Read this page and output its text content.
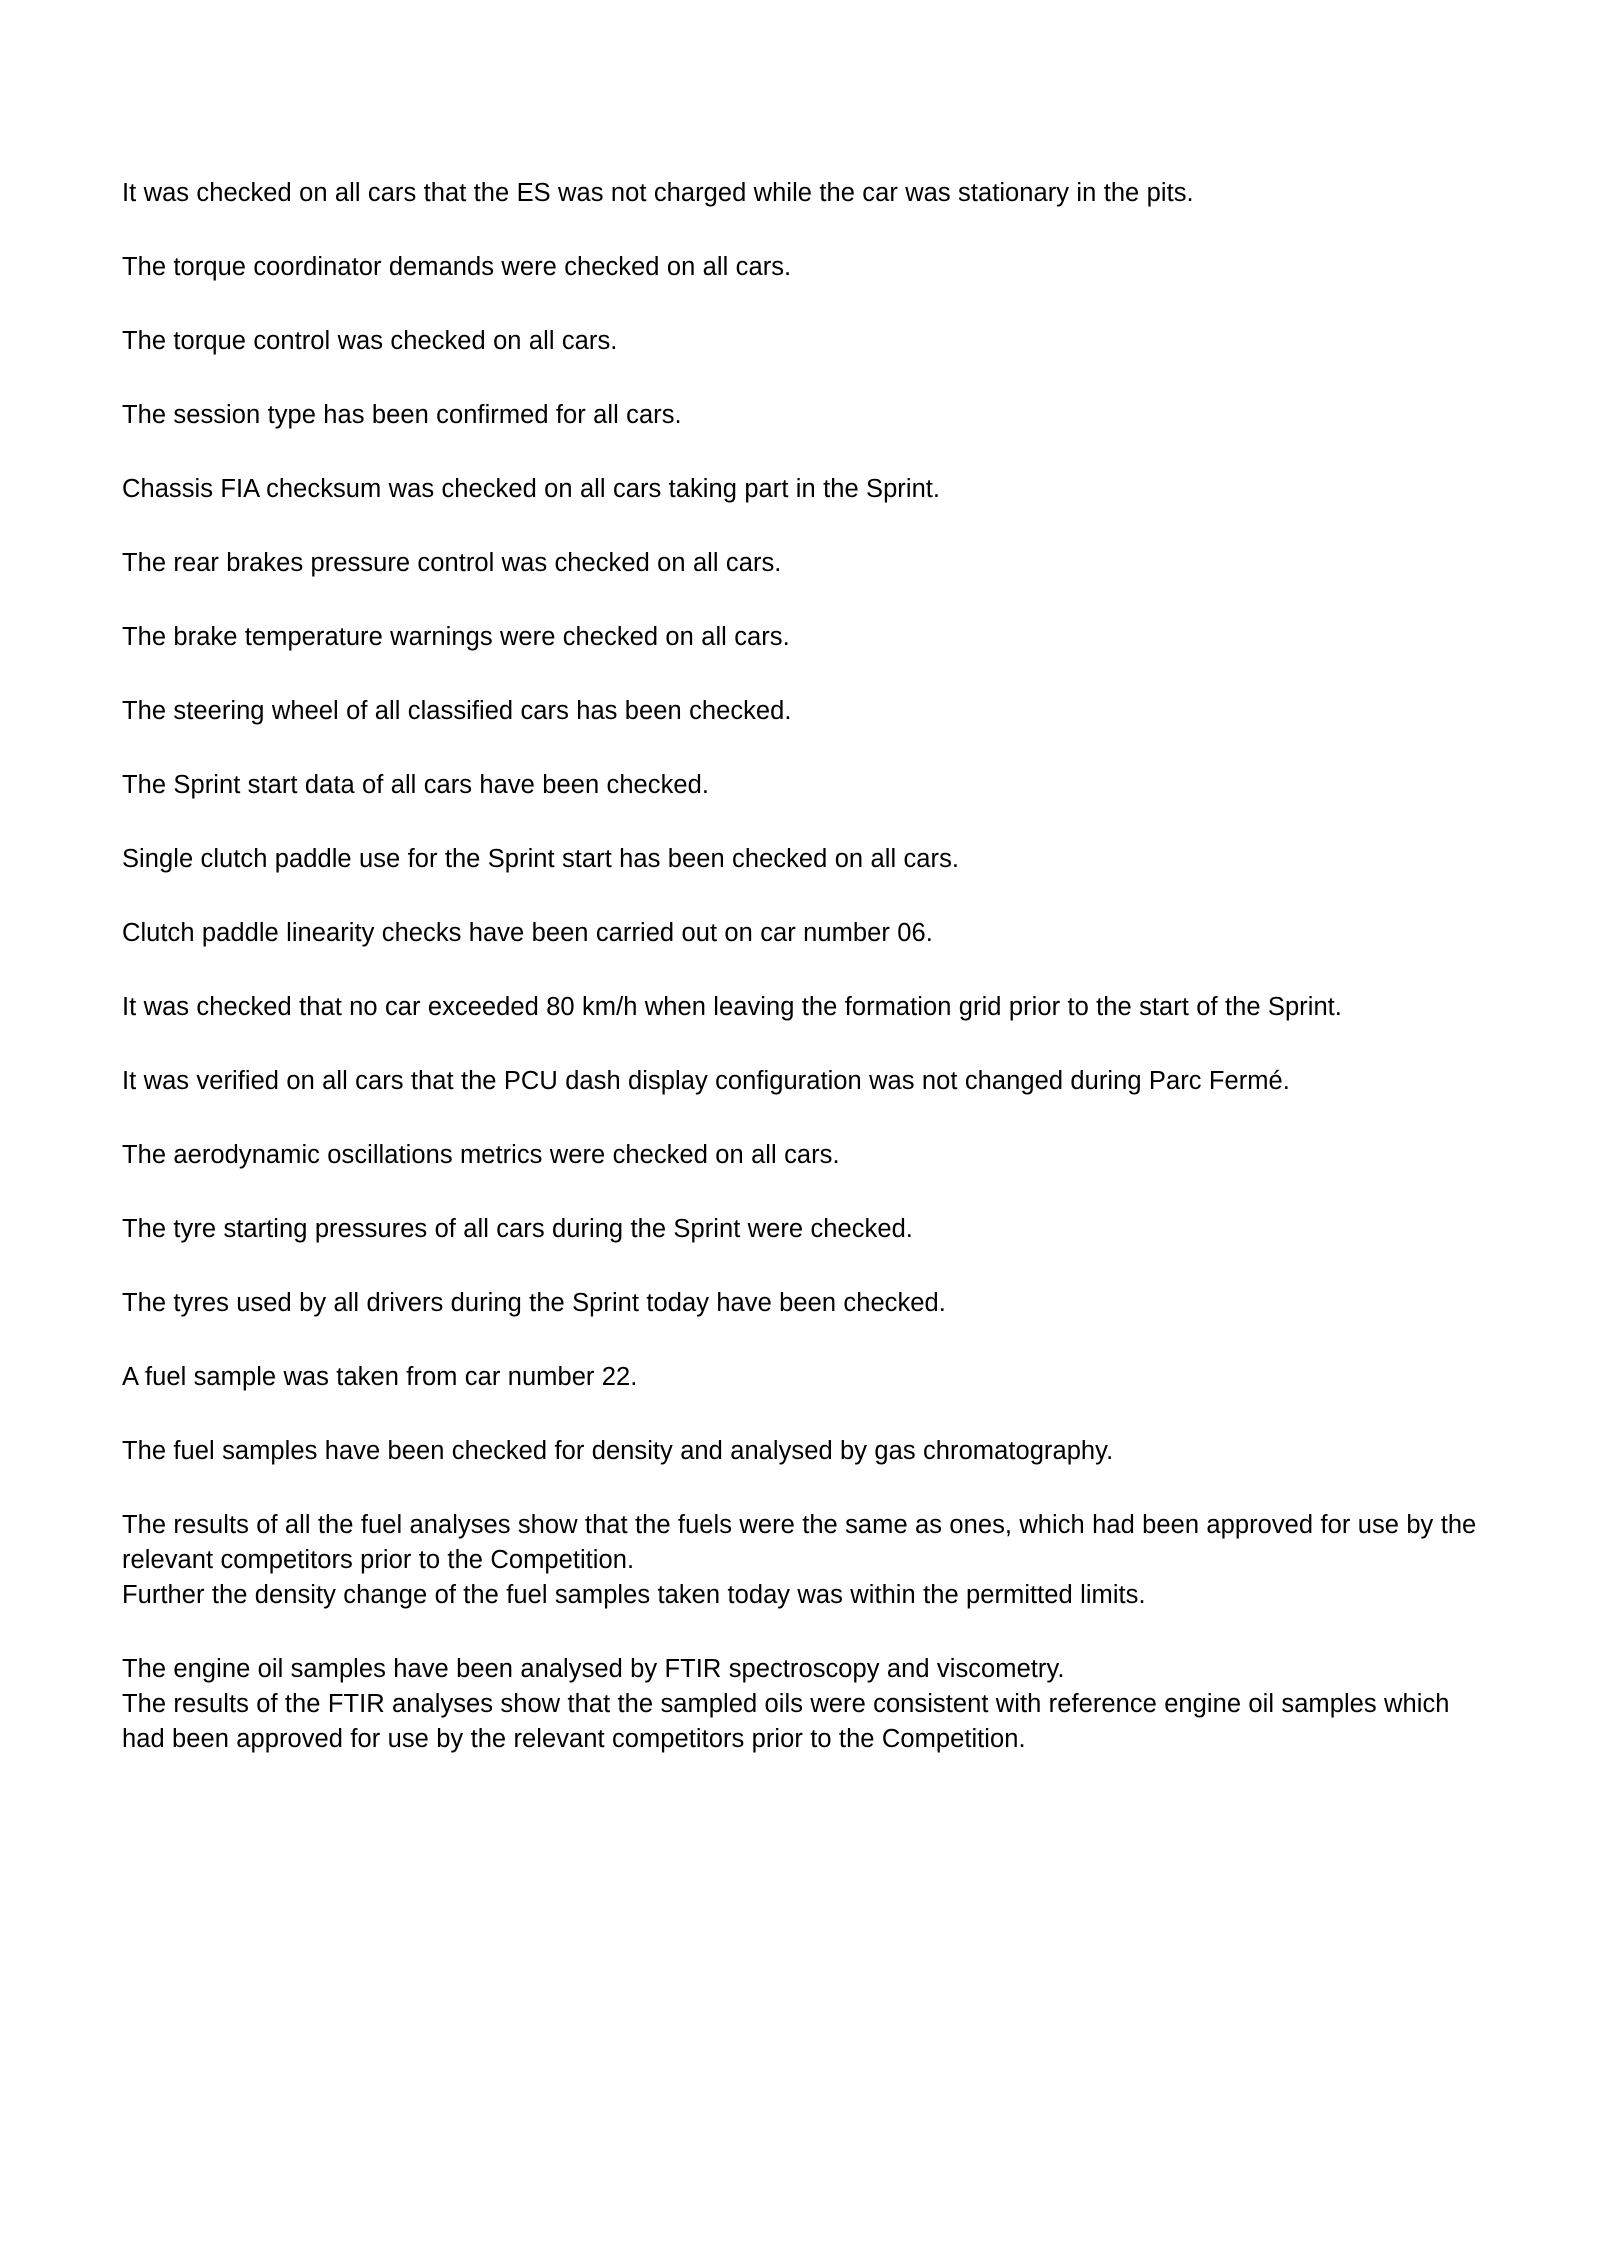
It was checked on all cars that the ES was not charged while the car was stationary in the pits.

The torque coordinator demands were checked on all cars.

The torque control was checked on all cars.

The session type has been confirmed for all cars.

Chassis FIA checksum was checked on all cars taking part in the Sprint.

The rear brakes pressure control was checked on all cars.

The brake temperature warnings were checked on all cars.

The steering wheel of all classified cars has been checked.

The Sprint start data of all cars have been checked.

Single clutch paddle use for the Sprint start has been checked on all cars.

Clutch paddle linearity checks have been carried out on car number 06.

It was checked that no car exceeded 80 km/h when leaving the formation grid prior to the start of the Sprint.

It was verified on all cars that the PCU dash display configuration was not changed during Parc Fermé.

The aerodynamic oscillations metrics were checked on all cars.

The tyre starting pressures of all cars during the Sprint were checked.

The tyres used by all drivers during the Sprint today have been checked.

A fuel sample was taken from car number 22.

The fuel samples have been checked for density and analysed by gas chromatography.

The results of all the fuel analyses show that the fuels were the same as ones, which had been approved for use by the relevant competitors prior to the Competition.

Further the density change of the fuel samples taken today was within the permitted limits.

The engine oil samples have been analysed by FTIR spectroscopy and viscometry.

The results of the FTIR analyses show that the sampled oils were consistent with reference engine oil samples which had been approved for use by the relevant competitors prior to the Competition.
